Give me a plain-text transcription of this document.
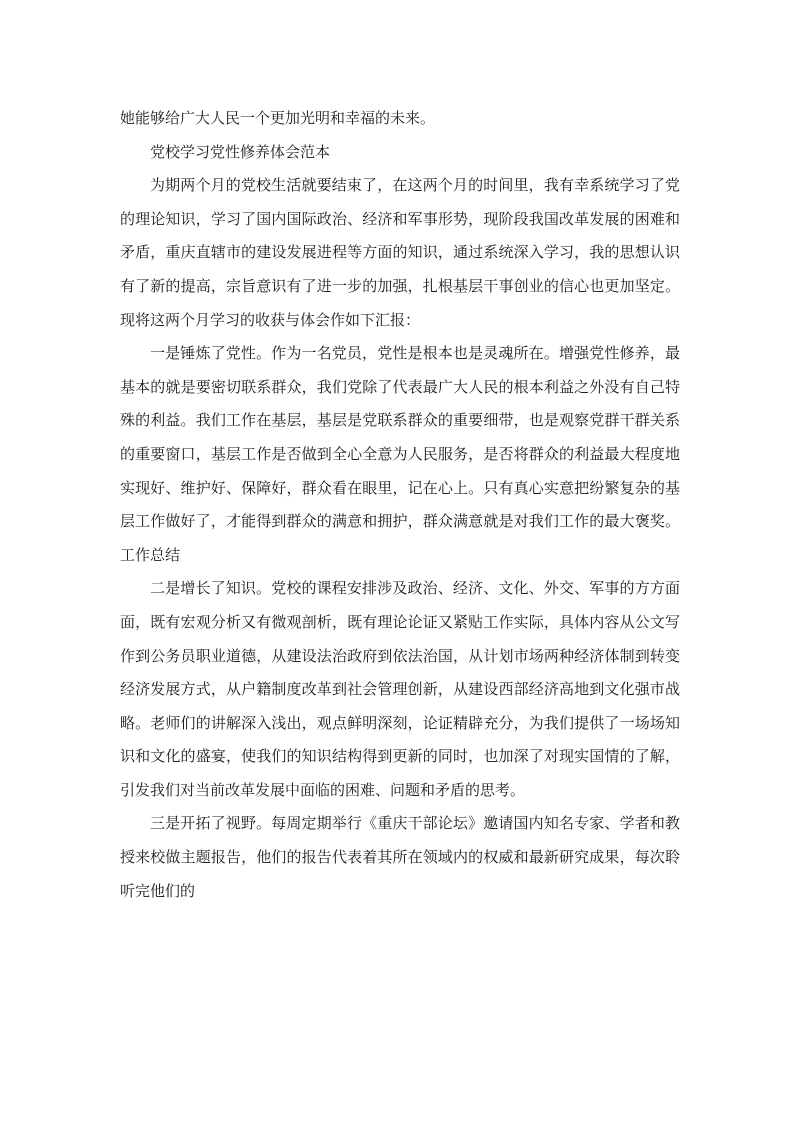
她能够给广大人民一个更加光明和幸福的未来。

党校学习党性修养体会范本

为期两个月的党校生活就要结束了，在这两个月的时间里，我有幸系统学习了党的理论知识，学习了国内国际政治、经济和军事形势，现阶段我国改革发展的困难和矛盾，重庆直辖市的建设发展进程等方面的知识，通过系统深入学习，我的思想认识有了新的提高，宗旨意识有了进一步的加强，扎根基层干事创业的信心也更加坚定。现将这两个月学习的收获与体会作如下汇报：

一是锤炼了党性。作为一名党员，党性是根本也是灵魂所在。增强党性修养，最基本的就是要密切联系群众，我们党除了代表最广大人民的根本利益之外没有自己特殊的利益。我们工作在基层，基层是党联系群众的重要细带，也是观察党群干群关系的重要窗口，基层工作是否做到全心全意为人民服务，是否将群众的利益最大程度地实现好、维护好、保障好，群众看在眼里，记在心上。只有真心实意把纷繁复杂的基层工作做好了，才能得到群众的满意和拥护，群众满意就是对我们工作的最大褒奖。工作总结

二是增长了知识。党校的课程安排涉及政治、经济、文化、外交、军事的方方面面，既有宏观分析又有微观剖析，既有理论论证又紧贴工作实际，具体内容从公文写作到公务员职业道德，从建设法治政府到依法治国，从计划市场两种经济体制到转变经济发展方式，从户籍制度改革到社会管理创新，从建设西部经济高地到文化强市战略。老师们的讲解深入浅出，观点鲜明深刻，论证精辟充分，为我们提供了一场场知识和文化的盛宴，使我们的知识结构得到更新的同时，也加深了对现实国情的了解，引发我们对当前改革发展中面临的困难、问题和矛盾的思考。

三是开拓了视野。每周定期举行《重庆干部论坛》邀请国内知名专家、学者和教授来校做主题报告，他们的报告代表着其所在领域内的权威和最新研究成果，每次聆听完他们的
